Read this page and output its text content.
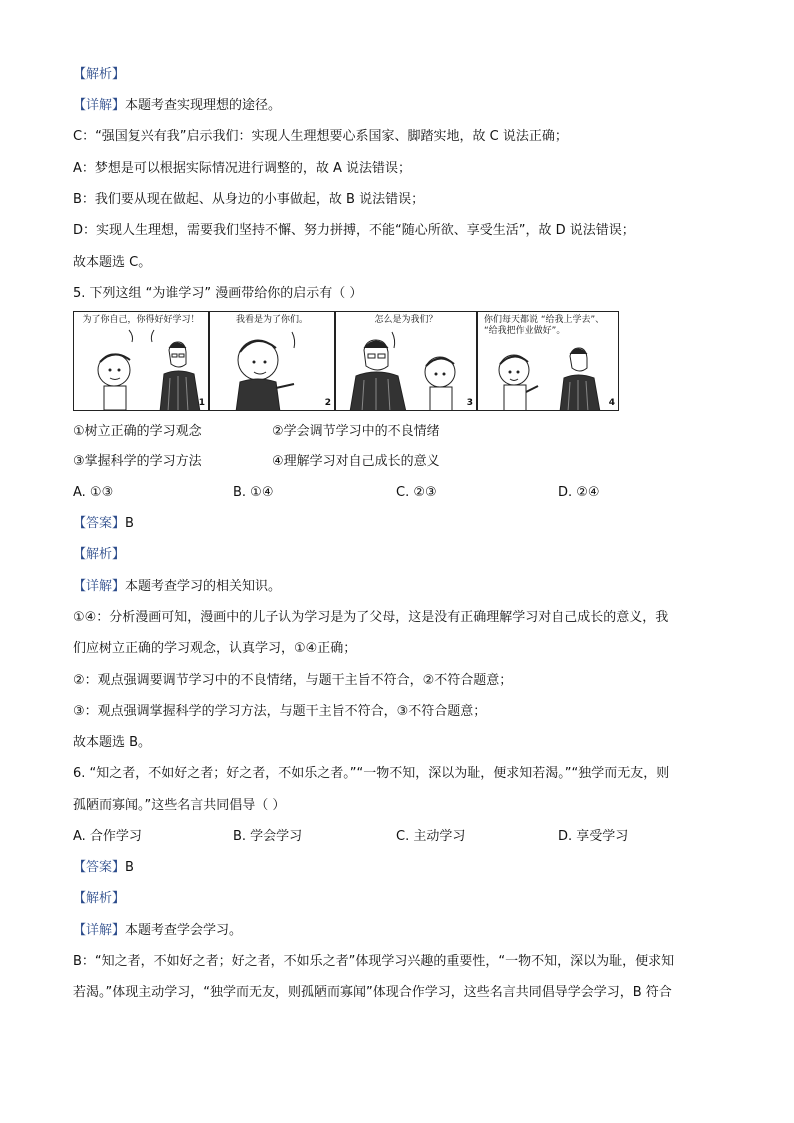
【解析】
【详解】本题考查实现理想的途径。
C：“强国复兴有我”启示我们：实现人生理想要心系国家、脚踏实地，故 C 说法正确；
A：梦想是可以根据实际情况进行调整的，故 A 说法错误；
B：我们要从现在做起、从身边的小事做起，故 B 说法错误；
D：实现人生理想，需要我们坚持不懈、努力拼搏，不能“随心所欲、享受生活”，故 D 说法错误；
故本题选 C。
5. 下列这组 “为谁学习” 漫画带给你的启示有（ ）
为了你自己，你得好好学习！
1
我看是为了你们。
2
怎么是为我们？
3
你们每天都说 “给我上学去”、
“给我把作业做好”。
4
①树立正确的学习观念	②学会调节学习中的不良情绪
③掌握科学的学习方法	④理解学习对自己成长的意义
A. ①③	B. ①④	C. ②③	D. ②④
【答案】B
【解析】
【详解】本题考查学习的相关知识。
①④：分析漫画可知，漫画中的儿子认为学习是为了父母，这是没有正确理解学习对自己成长的意义，我
们应树立正确的学习观念，认真学习，①④正确；
②：观点强调要调节学习中的不良情绪，与题干主旨不符合，②不符合题意；
③：观点强调掌握科学的学习方法，与题干主旨不符合，③不符合题意；
故本题选 B。
6. “知之者，不如好之者；好之者，不如乐之者。”“一物不知，深以为耻，便求知若渴。”“独学而无友，则
孤陋而寡闻。”这些名言共同倡导（ ）
A. 合作学习	B. 学会学习	C. 主动学习	D. 享受学习
【答案】B
【解析】
【详解】本题考查学会学习。
B：“知之者，不如好之者；好之者，不如乐之者”体现学习兴趣的重要性，“一物不知，深以为耻，便求知
若渴。”体现主动学习，“独学而无友，则孤陋而寡闻”体现合作学习，这些名言共同倡导学会学习，B 符合
